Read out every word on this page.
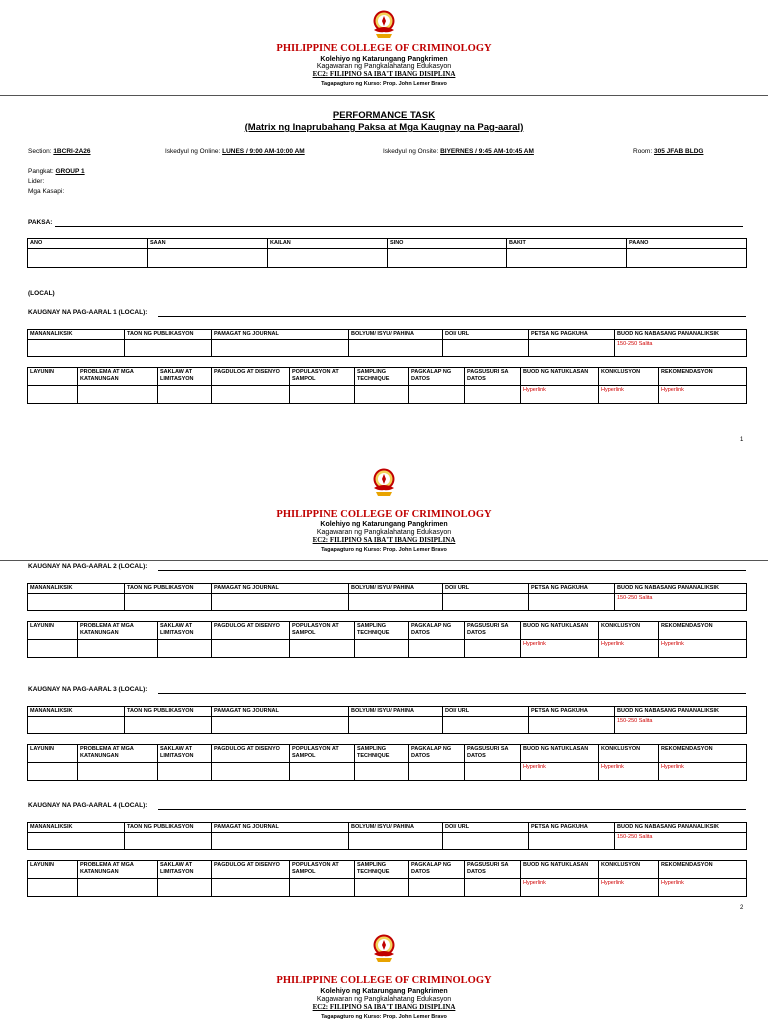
PHILIPPINE COLLEGE OF CRIMINOLOGY
Kolehiyo ng Katarungang Pangkrimen
Kagawaran ng Pangkalahatang Edukasyon
EC2: FILIPINO SA IBA'T IBANG DISIPLINA
Tagapagturo ng Kurso: Prop. John Lemer Bravo
PERFORMANCE TASK
(Matrix ng Inaprubahang Paksa at Mga Kaugnay na Pag-aaral)
Section: 1BCRI-2A26	Iskedyul ng Online: LUNES / 9:00 AM-10:00 AM	Iskedyul ng Onsite: BIYERNES / 9:45 AM-10:45 AM	Room: 305 JFAB BLDG
Pangkat: GROUP 1
Lider:
Mga Kasapi:
PAKSA:
ANO	SAAN	KAILAN	SINO	BAKIT	PAANO

(LOCAL)
KAUGNAY NA PAG-AARAL 1 (LOCAL):
MANANALIKSIK	TAON NG PUBLIKASYON	PAMAGAT NG JOURNAL	BOLYUM/ ISYU/ PAHINA	DOI/ URL	PETSA NG PAGKUHA	BUOD NG NABASANG PANANALIKSIK
						150-250 Salita
LAYUNIN	PROBLEMA AT MGA KATANUNGAN	SAKLAW AT LIMITASYON	PAGDULOG AT DISENYO	POPULASYON AT SAMPOL	SAMPLING TECHNIQUE	PAGKALAP NG DATOS	PAGSUSURI SA DATOS	BUOD NG NATUKLASAN	KONKLUSYON	REKOMENDASYON
								Hyperlink	Hyperlink	Hyperlink
1
PHILIPPINE COLLEGE OF CRIMINOLOGY
Kolehiyo ng Katarungang Pangkrimen
Kagawaran ng Pangkalahatang Edukasyon
EC2: FILIPINO SA IBA'T IBANG DISIPLINA
Tagapagturo ng Kurso: Prop. John Lemer Bravo
KAUGNAY NA PAG-AARAL 2 (LOCAL):
MANANALIKSIK	TAON NG PUBLIKASYON	PAMAGAT NG JOURNAL	BOLYUM/ ISYU/ PAHINA	DOI/ URL	PETSA NG PAGKUHA	BUOD NG NABASANG PANANALIKSIK
						150-250 Salita
LAYUNIN	PROBLEMA AT MGA KATANUNGAN	SAKLAW AT LIMITASYON	PAGDULOG AT DISENYO	POPULASYON AT SAMPOL	SAMPLING TECHNIQUE	PAGKALAP NG DATOS	PAGSUSURI SA DATOS	BUOD NG NATUKLASAN	KONKLUSYON	REKOMENDASYON
								Hyperlink	Hyperlink	Hyperlink
KAUGNAY NA PAG-AARAL 3 (LOCAL):
MANANALIKSIK	TAON NG PUBLIKASYON	PAMAGAT NG JOURNAL	BOLYUM/ ISYU/ PAHINA	DOI/ URL	PETSA NG PAGKUHA	BUOD NG NABASANG PANANALIKSIK
						150-250 Salita
LAYUNIN	PROBLEMA AT MGA KATANUNGAN	SAKLAW AT LIMITASYON	PAGDULOG AT DISENYO	POPULASYON AT SAMPOL	SAMPLING TECHNIQUE	PAGKALAP NG DATOS	PAGSUSURI SA DATOS	BUOD NG NATUKLASAN	KONKLUSYON	REKOMENDASYON
								Hyperlink	Hyperlink	Hyperlink
KAUGNAY NA PAG-AARAL 4 (LOCAL):
MANANALIKSIK	TAON NG PUBLIKASYON	PAMAGAT NG JOURNAL	BOLYUM/ ISYU/ PAHINA	DOI/ URL	PETSA NG PAGKUHA	BUOD NG NABASANG PANANALIKSIK
						150-250 Salita
LAYUNIN	PROBLEMA AT MGA KATANUNGAN	SAKLAW AT LIMITASYON	PAGDULOG AT DISENYO	POPULASYON AT SAMPOL	SAMPLING TECHNIQUE	PAGKALAP NG DATOS	PAGSUSURI SA DATOS	BUOD NG NATUKLASAN	KONKLUSYON	REKOMENDASYON
								Hyperlink	Hyperlink	Hyperlink
2
PHILIPPINE COLLEGE OF CRIMINOLOGY
Kolehiyo ng Katarungang Pangkrimen
Kagawaran ng Pangkalahatang Edukasyon
EC2: FILIPINO SA IBA'T IBANG DISIPLINA
Tagapagturo ng Kurso: Prop. John Lemer Bravo
